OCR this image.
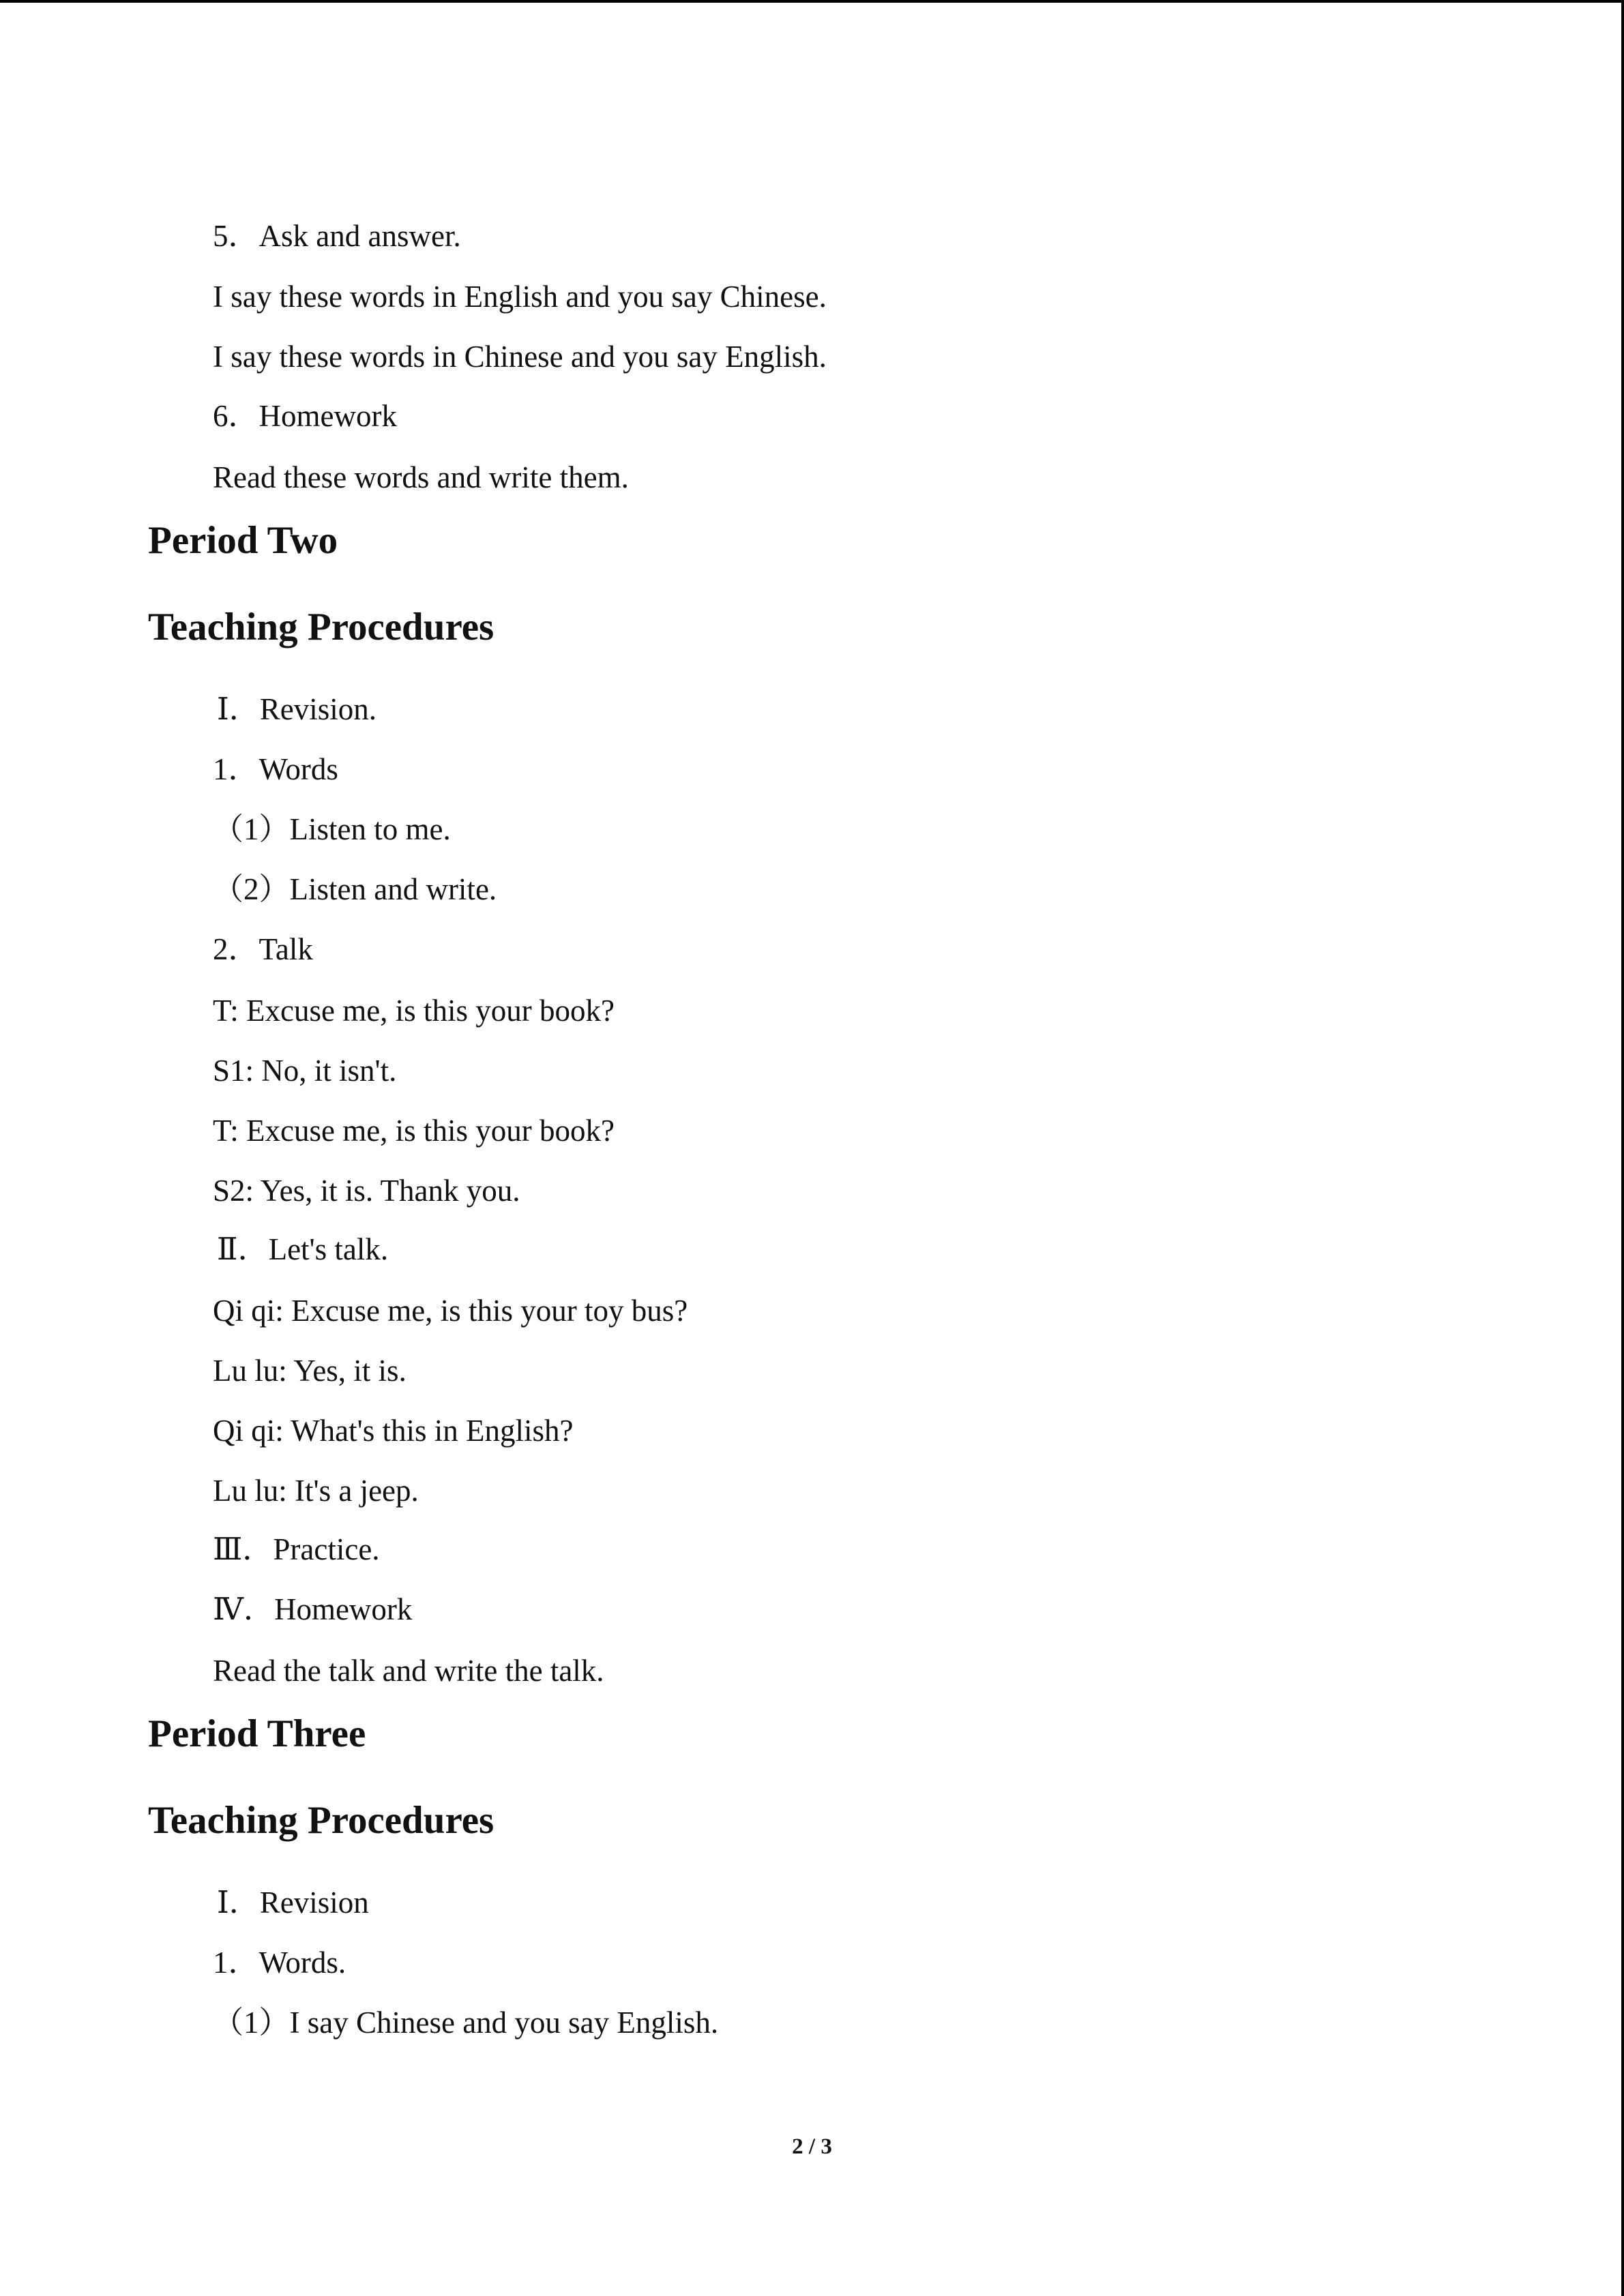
5．Ask and answer.
I say these words in English and you say Chinese.
I say these words in Chinese and you say English.
6．Homework
Read these words and write them.
Period Two
Teaching Procedures
Ⅰ．Revision.
1．Words
（1）Listen to me.
（2）Listen and write.
2．Talk
T: Excuse me, is this your book?
S1: No, it isn't.
T: Excuse me, is this your book?
S2: Yes, it is. Thank you.
Ⅱ．Let's talk.
Qi qi: Excuse me, is this your toy bus?
Lu lu: Yes, it is.
Qi qi: What's this in English?
Lu lu: It's a jeep.
Ⅲ．Practice.
Ⅳ．Homework
Read the talk and write the talk.
Period Three
Teaching Procedures
Ⅰ．Revision
1．Words.
（1）I say Chinese and you say English.
2 / 3
